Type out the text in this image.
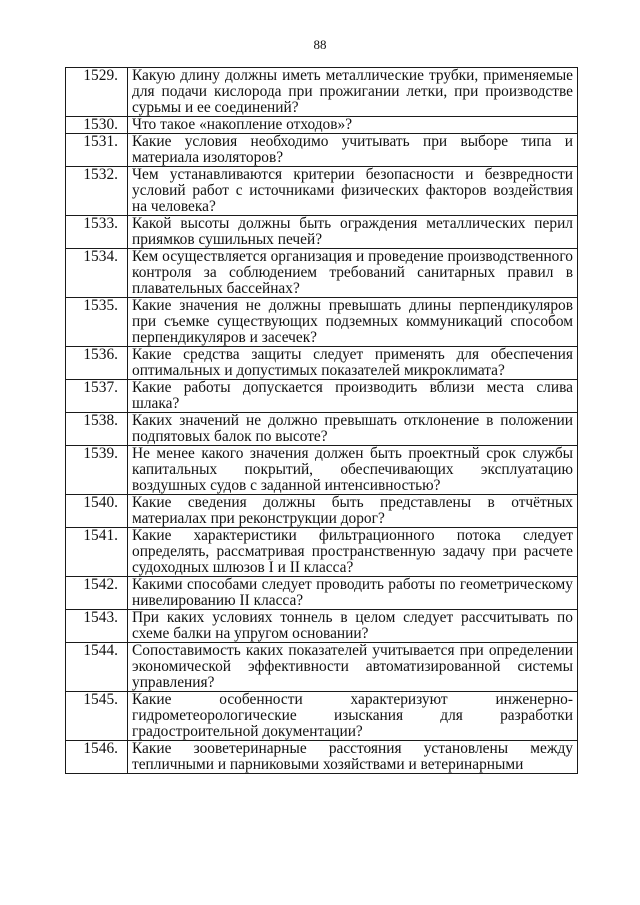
88
1529.	Какую длину должны иметь металлические трубки, применяемые для подачи кислорода при прожигании летки, при производстве сурьмы и ее соединений?
1530.	Что такое «накопление отходов»?
1531.	Какие условия необходимо учитывать при выборе типа и материала изоляторов?
1532.	Чем устанавливаются критерии безопасности и безвредности условий работ с источниками физических факторов воздействия на человека?
1533.	Какой высоты должны быть ограждения металлических перил приямков сушильных печей?
1534.	Кем осуществляется организация и проведение производственного контроля за соблюдением требований санитарных правил в плавательных бассейнах?
1535.	Какие значения не должны превышать длины перпендикуляров при съемке существующих подземных коммуникаций способом перпендикуляров и засечек?
1536.	Какие средства защиты следует применять для обеспечения оптимальных и допустимых показателей микроклимата?
1537.	Какие работы допускается производить вблизи места слива шлака?
1538.	Каких значений не должно превышать отклонение в положении подпятовых балок по высоте?
1539.	Не менее какого значения должен быть проектный срок службы капитальных покрытий, обеспечивающих эксплуатацию воздушных судов с заданной интенсивностью?
1540.	Какие сведения должны быть представлены в отчётных материалах при реконструкции дорог?
1541.	Какие характеристики фильтрационного потока следует определять, рассматривая пространственную задачу при расчете судоходных шлюзов I и II класса?
1542.	Какими способами следует проводить работы по геометрическому нивелированию II класса?
1543.	При каких условиях тоннель в целом следует рассчитывать по схеме балки на упругом основании?
1544.	Сопоставимость каких показателей учитывается при определении экономической эффективности автоматизированной системы управления?
1545.	Какие особенности характеризуют инженерно-гидрометеорологические изыскания для разработки градостроительной документации?
1546.	Какие зооветеринарные расстояния установлены между тепличными и парниковыми хозяйствами и ветеринарными
